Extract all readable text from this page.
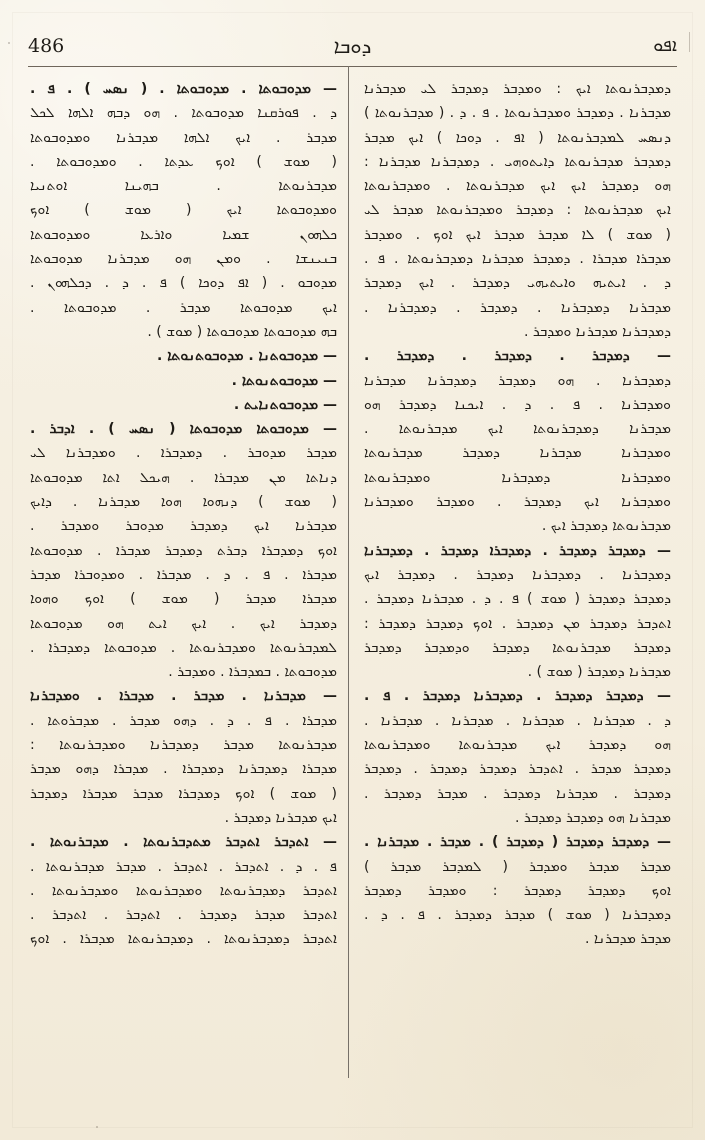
486	ܕܘܒܐ	ܐܦܘ
— ܡܕܘܒܘܬܐ . ܡܕܘܒܘܬܐ . ( ܢܣܚ ) . ܦ .
ܕ . ܦܘܪܩܢܐ ܡܕܘܒܘܬܐ . ܗܘ ܕܒܗ ܐܠܗܐ ܠܟܠ
ܡܕܒܪ . ܐܝܟ ܐܠܗܐ ܡܕܒܪܢܐ ܘܡܕܘܒܘܬܐ
( ܡܘܫ ) ܐܘܟ ܥܕܬܐ . ܘܡܕܘܒܘܬܐ .
ܡܕܒܪܢܘܬܐ . ܒܗܝܢܐ ܐܘܬܢܝܐ
ܘܡܕܘܒܘܬܐ ܐܝܟ ( ܡܘܫ ) ܐܘܟ
ܟܠܗܘܢ ܫܡܝܐ ܘܐܪܥܐ ܘܡܕܘܒܘܬܐ
ܒܢܝܢܫܐ . ܘܡܢ ܗܘ ܡܕܒܪܢܐ ܡܕܘܒܘܬܐ
ܡܕܘܒܘ . ( ܐܦ ܕܘܟܐ ) ܦ . ܕ . ܕܟܠܗܘܢ .
ܐܝܟ ܡܕܘܒܘܬܐ ܡܕܒܪ . ܡܕܘܒܘܬܐ .
ܒܗ ܡܕܘܒܘܬܐ ܡܕܘܒܘܬܐ ( ܡܘܫ ) .
— ܡܕܘܒܘܬܢܐ . ܡܕܘܒܘܬܢܘܬܐ .
— ܡܕܘܒܘܬܢܘܬܐ .
— ܡܕܘܒܘܬܢܐܝܬ .
— ܡܕܘܒܘܬܐ ܡܕܘܒܘܬܐ ( ܢܣܚ ) . ܐܕܒܪ .
ܡܕܒܪ ܡܕܘܒܪ . ܕܡܕܒܪܐ . ܘܡܕܒܪܢܐ ܠܝ
ܕܢܐܬܐ ܡܢ ܡܕܒܪܐ . ܗܝܟܠ ܐܬܐ ܡܕܘܒܘܬܐ
( ܡܘܫ ) ܕܢܗܘܐ ܗܘܐ ܡܕܒܪܢܐ . ܕܐܝܟ
ܡܕܒܪܢܐ ܐܝܟ ܕܡܕܒܪ ܡܕܘܒܪ ܘܡܕܒܪ .
ܐܘܟ ܕܡܕܒܪܐ ܕܒܪܬ ܕܡܕܒܪ ܡܕܒܪܐ . ܡܕܘܒܘܬܐ
ܡܕܒܪܐ . ܦ . ܕ . ܡܕܒܪܐ . ܘܡܕܘܒܪܐ ܡܕܒܪ
ܡܕܒܪܐ ܡܕܒܪ ( ܡܘܫ ) ܐܘܟ ܘܗܘܐ
ܕܡܕܒܪ ܐܝܟ . ܐܝܟ ܐܝܬ ܗܘ ܡܕܘܒܘܬܐ
ܠܡܕܒܪܢܘܬܐ ܘܡܕܒܪܢܘܬܐ . ܡܕܘܒܘܬܐ ܕܡܕܒܪܐ .
ܡܕܘܒܘܬܐ . ܒܡܕܒܪܐ . ܘܡܕܒܪ .
— ܡܕܒܪܢܐ . ܡܕܒܪ . ܡܕܒܪܐ . ܘܡܕܒܪܢܐ
ܡܕܒܪܐ . ܦ . ܕ . ܕܗܘ ܡܕܒܪ . ܡܕܒܪܘܬܐ .
ܡܕܒܪܢܘܬܐ ܡܕܒܪ ܕܡܕܒܪܢܐ ܘܡܕܒܪܢܘܬܐ :
ܡܕܒܪܐ ܕܡܕܒܪܢܐ ܕܡܕܒܪܐ . ܡܕܒܪܐ ܕܗܘ ܡܕܒܪ
( ܡܘܫ ) ܐܘܟ ܕܡܕܒܪܐ ܡܕܒܪ ܡܕܒܪܐ ܕܡܕܒܪ
ܐܝܟ ܡܕܒܪܢܐ ܕܡܕܒܪ .
— ܐܬܕܒܪ ܐܬܕܒܪ ܡܬܕܒܪܢܘܬܐ . ܡܕܒܪܢܘܬܐ .
ܦ . ܕ . ܐܬܕܒܪ . ܐܬܕܒܪ . ܡܕܒܪ ܡܕܒܪܢܘܬܐ .
ܐܬܕܒܪ ܕܡܕܒܪܢܘܬܐ ܘܡܕܒܪܢܘܬܐ ܘܡܕܒܪܢܘܬܐ .
ܐܬܕܒܪ ܡܕܒܪ ܕܡܕܒܪ . ܐܬܕܒܪ . ܐܬܕܒܪ .
ܐܬܕܒܪ ܕܡܕܒܪܢܘܬܐ . ܕܡܕܒܪܢܘܬܐ ܡܕܒܪܐ . ܐܘܟ
ܕܡܕܒܪܢܘܬܐ ܐܝܟ : ܘܡܕܒܪ ܕܡܕܒܪ ܠܝ ܡܕܒܪܢܐ
ܡܕܒܪܢܐ . ܕܡܕܒܪ ܘܡܕܒܪܢܘܬܐ . ܦ . ܕ . ( ܡܕܒܪܢܘܬܐ )
ܕܢܣܚ ܠܡܕܒܪܢܘܬܐ ( ܐܦ . ܕܘܟܐ ) ܐܝܟ ܡܕܒܪ
ܕܡܕܒܪ ܡܕܒܪܢܘܬܐ ܕܐܝܬܘܗܝ . ܕܡܕܒܪܢܐ ܡܕܒܪܢܐ :
ܗܘ ܕܡܕܒܪ ܐܝܟ ܐܝܟ ܡܕܒܪܢܘܬܐ . ܘܡܕܒܪܢܘܬܐ
ܐܝܟ ܡܕܒܪܢܘܬܐ : ܕܡܕܒܪ ܘܡܕܒܪܢܘܬܐ ܡܕܒܪ ܠܝ
( ܡܘܫ ) ܠܐ ܡܕܒܪ ܡܕܒܪ ܐܝܟ ܐܘܟ . ܘܡܕܒܪ
ܡܕܒܪܐ ܡܕܒܪܐ . ܕܡܕܒܪ ܡܕܒܪܢܐ ܕܡܕܒܪܢܘܬܐ . ܦ .
ܕ . ܐܝܬܝܗ ܘܐܝܬܝܗܝ ܕܡܕܒܪ . ܐܝܟ ܕܡܕܒܪ
ܡܕܒܪܢܐ ܕܡܕܒܪܢܐ . ܕܡܕܒܪ . ܕܡܕܒܪܢܐ .
ܕܡܕܒܪܢܐ ܡܕܒܪܢܐ ܘܡܕܒܪ .
— ܕܡܕܒܪ . ܕܡܕܒܪ . ܕܡܕܒܪ .
ܕܡܕܒܪܢܐ . ܗܘ ܕܡܕܒܪ ܕܡܕܒܪܢܐ ܡܕܒܪܢܐ
ܘܡܕܒܪܢܐ . ܦ . ܕ . ܐܝܟܢܐ ܕܡܕܒܪ ܗܘ
ܡܕܒܪܢܐ ܕܡܕܒܪܢܘܬܐ ܐܝܟ ܡܕܒܪܢܘܬܐ .
ܘܡܕܒܪܢܐ ܡܕܒܪܢܐ ܕܡܕܒܪ ܡܕܒܪܢܘܬܐ
ܘܡܕܒܪܢܐ ܕܡܕܒܪܢܐ ܘܡܕܒܪܢܘܬܐ
ܘܡܕܒܪܢܐ ܐܝܟ ܕܡܕܒܪ . ܘܡܕܒܪ ܘܡܕܒܪܢܐ
ܡܕܒܪܢܘܬܐ ܕܡܕܒܪ ܐܝܟ .
— ܕܡܕܒܪ ܕܡܕܒܪ . ܕܡܕܒܪܐ ܕܡܕܒܪ . ܕܡܕܒܪܢܐ
ܕܡܕܒܪܢܐ . ܕܡܕܒܪܢܐ ܕܡܕܒܪ . ܕܡܕܒܪ ܐܝܟ
ܕܡܕܒܪ ܕܡܕܒܪ ( ܡܘܫ ) ܦ . ܕ . ܡܕܒܪܢܐ ܕܡܕܒܪ .
ܐܬܕܒܪ ܕܡܕܒܪ ܡܢ ܕܡܕܒܪ . ܐܘܟ ܕܡܕܒܪ ܕܡܕܒܪ :
ܕܡܕܒܪ ܡܕܒܪܢܘܬܐ ܕܡܕܒܪ ܘܕܡܕܒܪ ܕܡܕܒܪ
ܡܕܒܪܢܐ ܕܡܕܒܪ ( ܡܘܫ ) .
— ܕܡܕܒܪ ܕܡܕܒܪ . ܕܡܕܒܪܢܐ ܕܡܕܒܪ . ܦ .
ܕ . ܡܕܒܪܢܐ . ܡܕܒܪܢܐ . ܡܕܒܪܢܐ . ܡܕܒܪܢܐ .
ܗܘ ܕܡܕܒܪ ܐܝܟ ܡܕܒܪܢܘܬܐ ܘܡܕܒܪܢܘܬܐ
ܕܡܕܒܪ ܡܕܒܪ . ܐܬܕܒܪ ܕܡܕܒܪ ܕܡܕܒܪ . ܕܡܕܒܪ
ܕܡܕܒܪ . ܡܕܒܪܢܐ ܕܡܕܒܪ . ܡܕܒܪ ܕܡܕܒܪ .
ܡܕܒܪܢܐ ܗܘ ܕܡܕܒܪ ܕܡܕܒܪ .
— ܕܡܕܒܪ ܕܡܕܒܪ ( ܕܡܕܒܪ ) . ܡܕܒܪ . ܡܕܒܪܢܐ .
ܡܕܒܪ ܡܕܒܪ ܘܡܕܒܪ ( ܠܡܕܒܪ ܡܕܒܪ )
ܐܘܟ ܕܡܕܒܪ ܕܡܕܒܪ : ܘܡܕܒܪ ܕܡܕܒܪ
ܕܡܕܒܪܢܐ ( ܡܘܫ ) ܡܕܒܪ ܕܡܕܒܪ . ܦ . ܕ .
ܡܕܒܪ ܡܕܒܪܢܐ .
